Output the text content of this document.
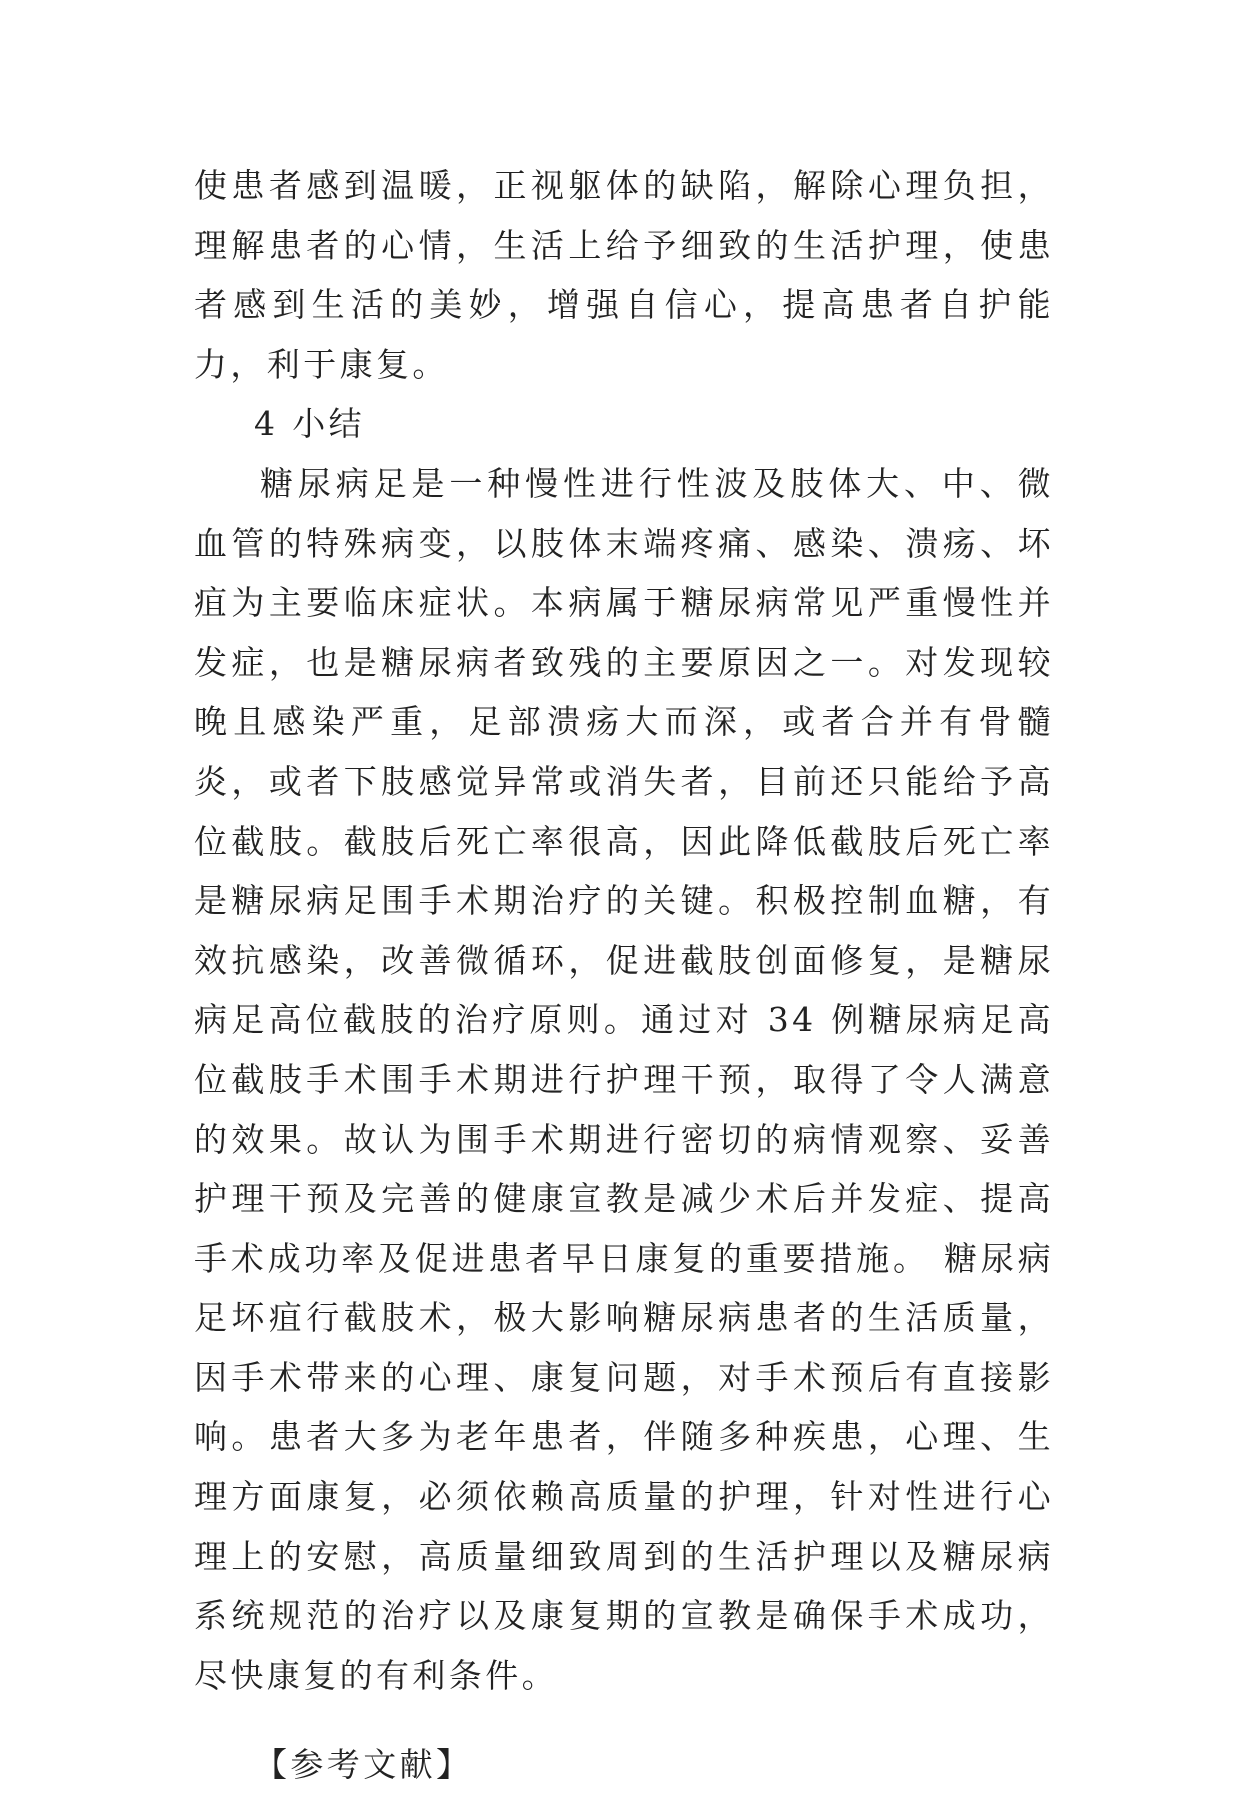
使患者感到温暖，正视躯体的缺陷，解除心理负担，理解患者的心情，生活上给予细致的生活护理，使患者感到生活的美妙，增强自信心，提高患者自护能力，利于康复。

4 小结

糖尿病足是一种慢性进行性波及肢体大、中、微血管的特殊病变，以肢体末端疼痛、感染、溃疡、坏疽为主要临床症状。本病属于糖尿病常见严重慢性并发症，也是糖尿病者致残的主要原因之一。对发现较晚且感染严重，足部溃疡大而深，或者合并有骨髓炎，或者下肢感觉异常或消失者，目前还只能给予高位截肢。截肢后死亡率很高，因此降低截肢后死亡率是糖尿病足围手术期治疗的关键。积极控制血糖，有效抗感染，改善微循环，促进截肢创面修复，是糖尿病足高位截肢的治疗原则。通过对 34 例糖尿病足高位截肢手术围手术期进行护理干预，取得了令人满意的效果。故认为围手术期进行密切的病情观察、妥善护理干预及完善的健康宣教是减少术后并发症、提高手术成功率及促进患者早日康复的重要措施。 糖尿病足坏疽行截肢术，极大影响糖尿病患者的生活质量，因手术带来的心理、康复问题，对手术预后有直接影响。患者大多为老年患者，伴随多种疾患，心理、生理方面康复，必须依赖高质量的护理，针对性进行心理上的安慰，高质量细致周到的生活护理以及糖尿病系统规范的治疗以及康复期的宣教是确保手术成功，尽快康复的有利条件。

【参考文献】
